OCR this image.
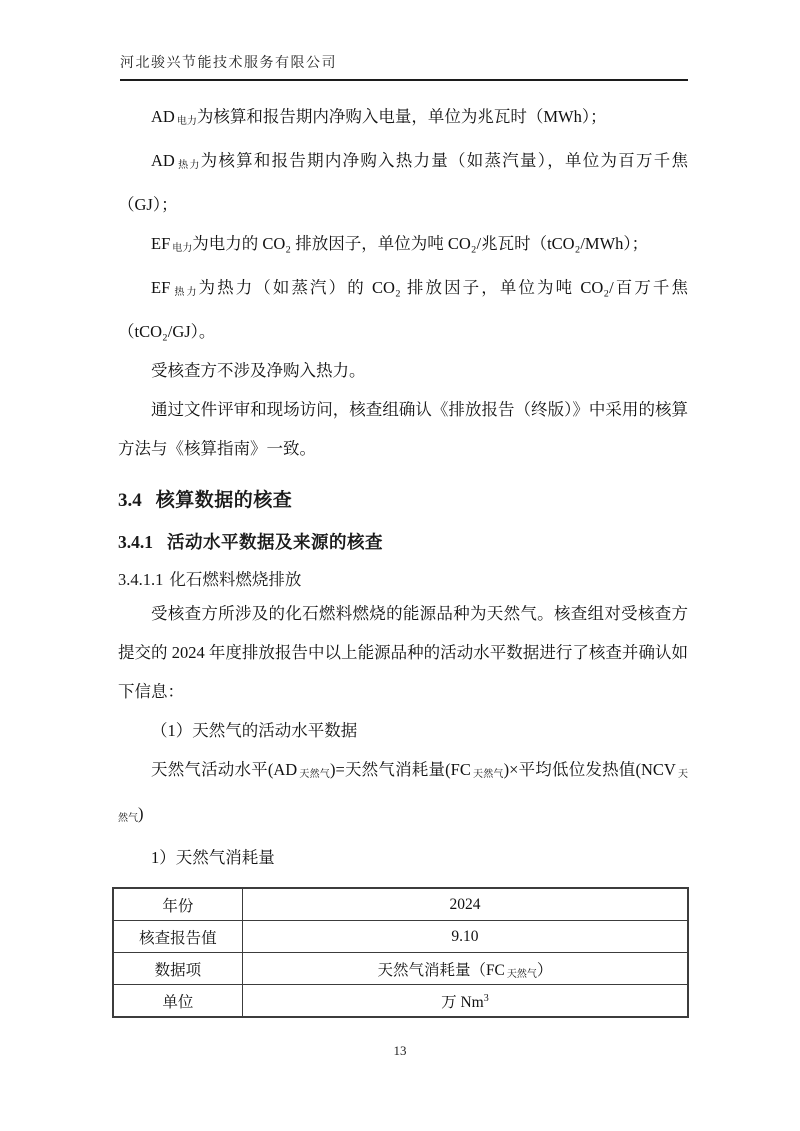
河北骏兴节能技术服务有限公司

AD $_{电力}$为核算和报告期内净购入电量，单位为兆瓦时（MWh）；

AD $_{热力}$为核算和报告期内净购入热力量（如蒸汽量），单位为百万千焦（GJ）；

EF $_{电力}$为电力的 CO₂ 排放因子，单位为吨 CO₂/兆瓦时（tCO₂/MWh）；

EF $_{热力}$为热力（如蒸汽）的 CO₂ 排放因子，单位为吨 CO₂/百万千焦（tCO₂/GJ）。

受核查方不涉及净购入热力。

通过文件评审和现场访问，核查组确认《排放报告（终版）》中采用的核算方法与《核算指南》一致。

3.4 核算数据的核查
3.4.1 活动水平数据及来源的核查
3.4.1.1 化石燃料燃烧排放

受核查方所涉及的化石燃料燃烧的能源品种为天然气。核查组对受核查方提交的 2024 年度排放报告中以上能源品种的活动水平数据进行了核查并确认如下信息：

（1）天然气的活动水平数据

天然气活动水平(AD $_{天然气}$)=天然气消耗量(FC $_{天然气}$)×平均低位发热值(NCV $_{天然气}$)

1）天然气消耗量

年份	2024
核查报告值	9.10
数据项	天然气消耗量（FC $_{天然气}$）
单位	万 Nm$^3$
13
